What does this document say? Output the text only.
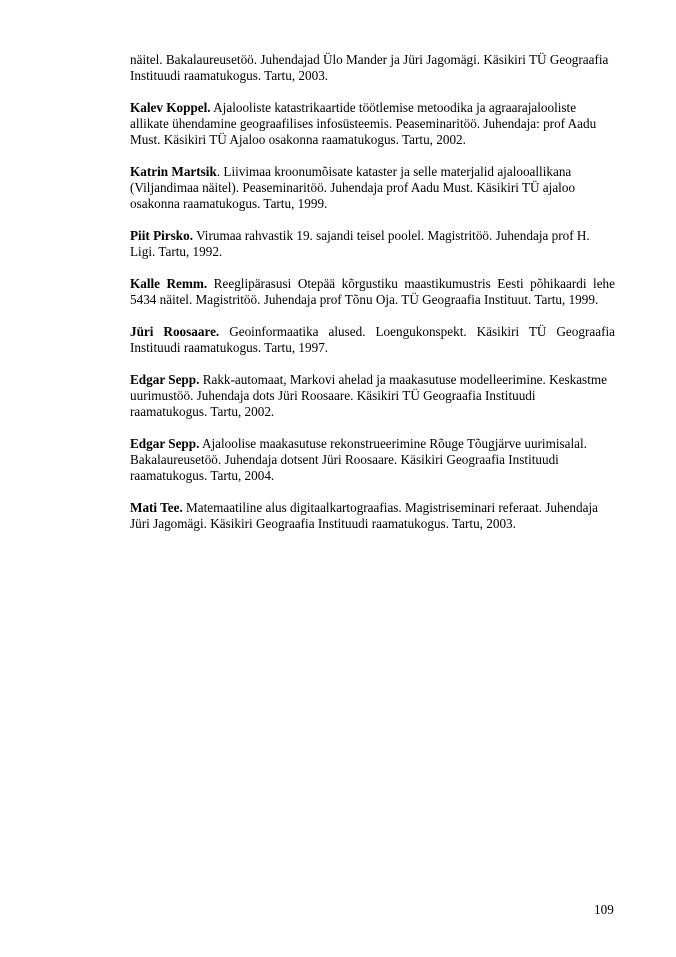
näitel. Bakalaureusetöö. Juhendajad Ülo Mander ja Jüri Jagomägi. Käsikiri TÜ Geograafia Instituudi raamatukogus. Tartu, 2003.

Kalev Koppel. Ajalooliste katastrikaartide töötlemise metoodika ja agraarajalooliste allikate ühendamine geograafilises infosüsteemis. Peaseminaritöö. Juhendaja: prof Aadu Must. Käsikiri TÜ Ajaloo osakonna raamatukogus. Tartu, 2002.

Katrin Martsik. Liivimaa kroonumõisate kataster ja selle materjalid ajalooallikana (Viljandimaa näitel). Peaseminaritöö. Juhendaja prof Aadu Must. Käsikiri TÜ ajaloo osakonna raamatukogus. Tartu, 1999.

Piit Pirsko. Virumaa rahvastik 19. sajandi teisel poolel. Magistritöö. Juhendaja prof H. Ligi. Tartu, 1992.

Kalle Remm. Reeglipärasusi Otepää kõrgustiku maastikumustris Eesti põhikaardi lehe 5434 näitel. Magistritöö. Juhendaja prof Tõnu Oja. TÜ Geograafia Instituut. Tartu, 1999.

Jüri Roosaare. Geoinformaatika alused. Loengukonspekt. Käsikiri TÜ Geograafia Instituudi raamatukogus. Tartu, 1997.

Edgar Sepp. Rakk-automaat, Markovi ahelad ja maakasutuse modelleerimine. Keskastme uurimustöö. Juhendaja dots Jüri Roosaare. Käsikiri TÜ Geograafia Instituudi raamatukogus. Tartu, 2002.

Edgar Sepp. Ajaloolise maakasutuse rekonstrueerimine Rõuge Tõugjärve uurimisalal. Bakalaureusetöö. Juhendaja dotsent Jüri Roosaare. Käsikiri Geograafia Instituudi raamatukogus. Tartu, 2004.

Mati Tee. Matemaatiline alus digitaalkartograafias. Magistriseminari referaat. Juhendaja Jüri Jagomägi. Käsikiri Geograafia Instituudi raamatukogus. Tartu, 2003.

109
